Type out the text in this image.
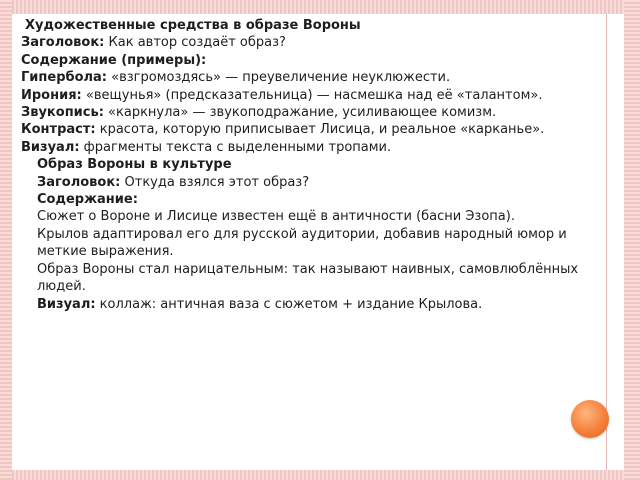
Художественные средства в образе Вороны

Заголовок: Как автор создаёт образ?

Содержание (примеры):

Гипербола: «взгромоздясь» — преувеличение неуклюжести.

Ирония: «вещунья» (предсказательница) — насмешка над её «талантом».

Звукопись: «каркнула» — звукоподражание, усиливающее комизм.

Контраст: красота, которую приписывает Лисица, и реальное «карканье».

Визуал: фрагменты текста с выделенными тропами.

Образ Вороны в культуре

Заголовок: Откуда взялся этот образ?

Содержание:

Сюжет о Вороне и Лисице известен ещё в античности (басни Эзопа).

Крылов адаптировал его для русской аудитории, добавив народный юмор и меткие выражения.

Образ Вороны стал нарицательным: так называют наивных, самовлюблённых людей.

Визуал: коллаж: античная ваза с сюжетом + издание Крылова.
